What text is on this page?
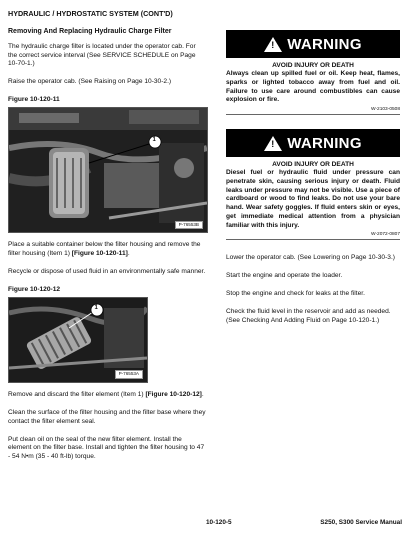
HYDRAULIC / HYDROSTATIC SYSTEM (CONT'D)
Removing And Replacing Hydraulic Charge Filter

The hydraulic charge filter is located under the operator cab. For the correct service interval (See SERVICE SCHEDULE on Page 10-70-1.)

Raise the operator cab. (See Raising on Page 10-30-2.)

Figure 10-120-11
1
P-76553B

Place a suitable container below the filter housing and remove the filter housing (Item 1) [Figure 10-120-11].

Recycle or dispose of used fluid in an environmentally safe manner.

Figure 10-120-12
1
P-76553A

Remove and discard the filter element (Item 1) [Figure 10-120-12].

Clean the surface of the filter housing and the filter base where they contact the filter element seal.

Put clean oil on the seal of the new filter element. Install the element on the filter base. Install and tighten the filter housing to 47 - 54 N•m (35 - 40 ft-lb) torque.

! WARNING
AVOID INJURY OR DEATH
Always clean up spilled fuel or oil. Keep heat, flames, sparks or lighted tobacco away from fuel and oil. Failure to use care around combustibles can cause explosion or fire.
W-2103-0508
! WARNING
AVOID INJURY OR DEATH
Diesel fuel or hydraulic fluid under pressure can penetrate skin, causing serious injury or death. Fluid leaks under pressure may not be visible. Use a piece of cardboard or wood to find leaks. Do not use your bare hand. Wear safety goggles. If fluid enters skin or eyes, get immediate medical attention from a physician familiar with this injury.
W-2072-0807

Lower the operator cab. (See Lowering on Page 10-30-3.)

Start the engine and operate the loader.

Stop the engine and check for leaks at the filter.

Check the fluid level in the reservoir and add as needed. (See Checking And Adding Fluid on Page 10-120-1.)

10-120-5	S250, S300 Service Manual
